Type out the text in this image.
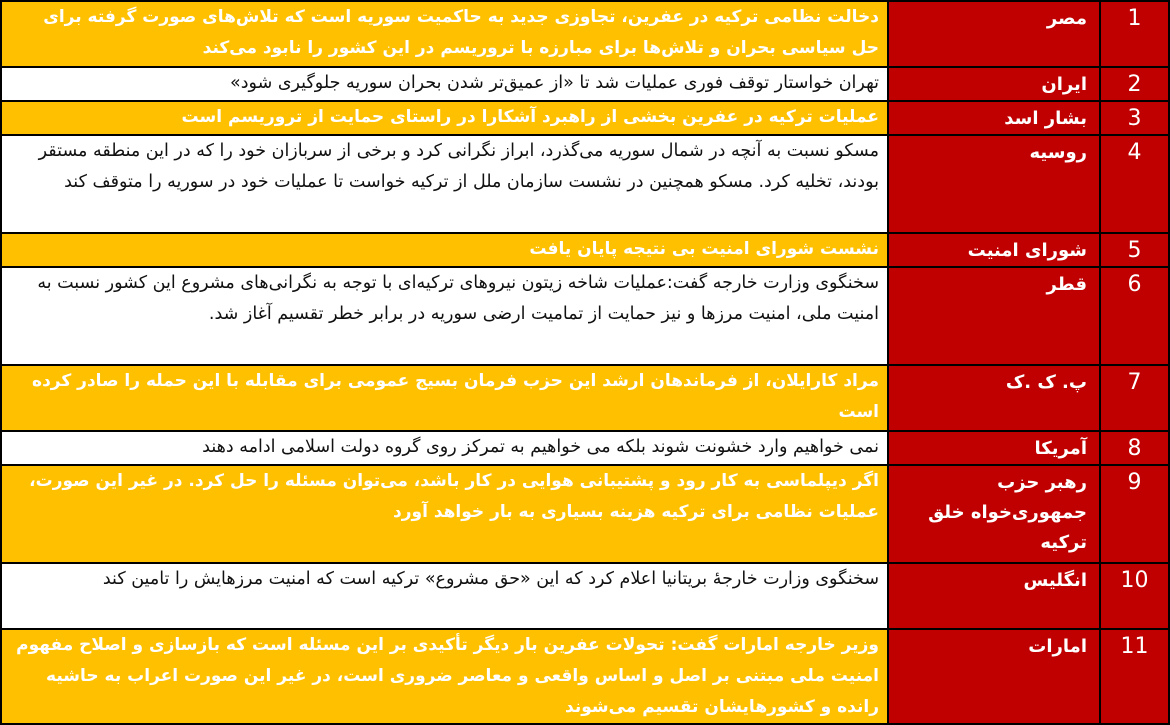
1	مصر	دخالت نظامی ترکیه در عفرین، تجاوزی جدید به حاکمیت سوریه است که تلاش‌های صورت گرفته برای حل سیاسی بحران و تلاش‌ها برای مبارزه با تروریسم در این کشور را نابود می‌کند
2	ایران	تهران خواستار توقف فوری عملیات شد تا «از عمیق‌تر شدن بحران سوریه جلوگیری شود»
3	بشار اسد	عملیات ترکیه در عفرین بخشی از راهبرد آشکارا در راستای حمایت از تروریسم است
4	روسیه	مسکو نسبت به آنچه در شمال سوریه می‌گذرد، ابراز نگرانی کرد و برخی از سربازان خود را که در این منطقه مستقر بودند، تخلیه کرد. مسکو همچنین در نشست سازمان ملل از ترکیه خواست تا عملیات خود در سوریه را متوقف کند
5	شورای امنیت	نشست شورای امنیت بی نتیجه پایان یافت
6	قطر	سخنگوی وزارت خارجه گفت:عملیات شاخه زیتون نیروهای ترکیه‌ای با توجه به نگرانی‌های مشروع این کشور نسبت به امنیت ملی، امنیت مرزها و نیز حمایت از تمامیت ارضی سوریه در برابر خطر تقسیم آغاز شد.
7	پ. ک .ک	مراد کارایلان، از فرماندهان ارشد این حزب فرمان بسیج عمومی برای مقابله با این حمله را صادر کرده است
8	آمریکا	نمی خواهیم وارد خشونت شوند بلکه می خواهیم به تمرکز روی گروه دولت اسلامی ادامه دهند
9	رهبر حزب جمهوری‌خواه خلق ترکیه	اگر دیپلماسی به کار رود و پشتیبانی هوایی در کار باشد، می‌توان مسئله را حل کرد. در غیر این صورت، عملیات نظامی برای ترکیه هزینه بسیاری به بار خواهد آورد
10	انگلیس	سخنگوی وزارت خارجهٔ بریتانیا اعلام کرد که این «حق مشروع» ترکیه است که امنیت مرزهایش را تامین کند
11	امارات	وزیر خارجه امارات گفت: تحولات عفرین بار دیگر تأکیدی بر این مسئله است که بازسازی و اصلاح مفهوم امنیت ملی مبتنی بر اصل و اساس واقعی و معاصر ضروری است، در غیر این صورت اعراب به حاشیه رانده و کشورهایشان تقسیم می‌شوند
